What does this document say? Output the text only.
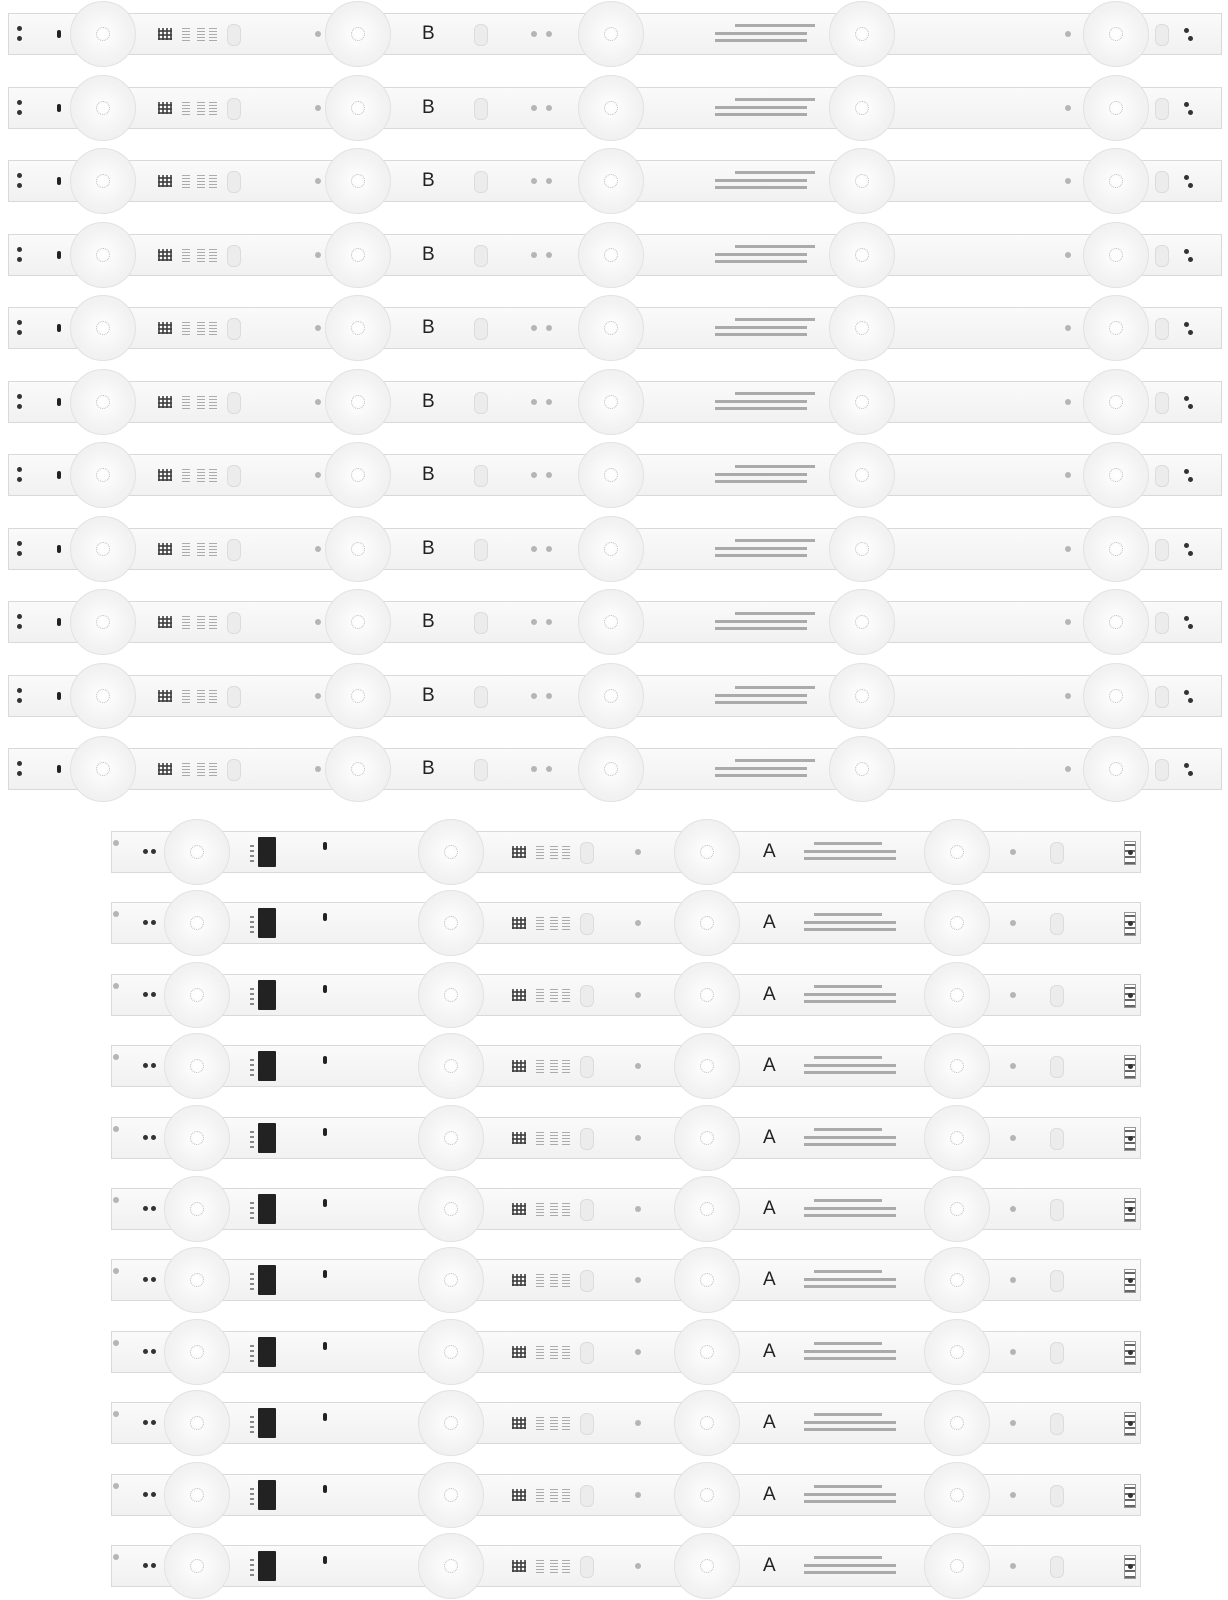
B
B
B
B
B
B
B
B
B
B
B
A
A
A
A
A
A
A
A
A
A
A
